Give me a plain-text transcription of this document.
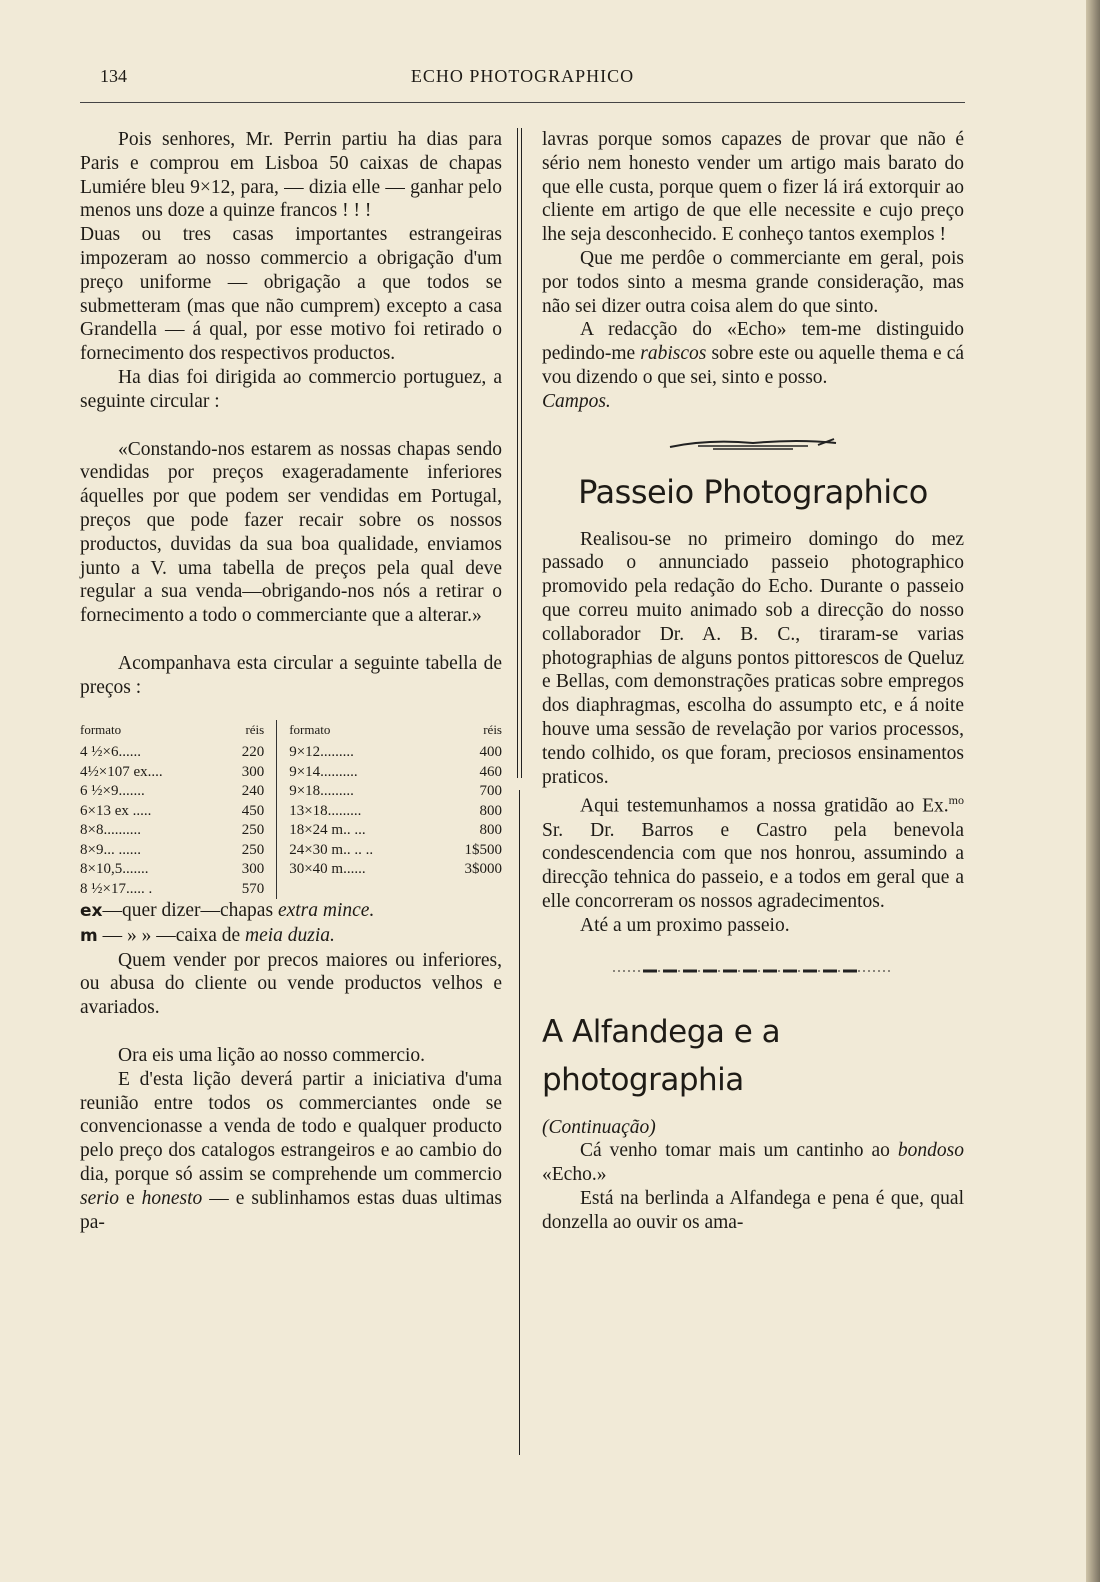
134	ECHO PHOTOGRAPHICO

Pois senhores, Mr. Perrin partiu ha dias para Paris e comprou em Lisboa 50 caixas de chapas Lumiére bleu 9×12, para, — dizia elle — ganhar pelo menos uns doze a quinze francos ! ! !

Duas ou tres casas importantes estrangeiras impozeram ao nosso commercio a obrigação d'um preço uniforme — obrigação a que todos se submetteram (mas que não cumprem) excepto a casa Grandella — á qual, por esse motivo foi retirado o fornecimento dos respectivos productos.

Ha dias foi dirigida ao commercio portuguez, a seguinte circular :

«Constando-nos estarem as nossas chapas sendo vendidas por preços exageradamente inferiores áquelles por que podem ser vendidas em Portugal, preços que pode fazer recair sobre os nossos productos, duvidas da sua boa qualidade, enviamos junto a V. uma tabella de preços pela qual deve regular a sua venda—obrigando-nos nós a retirar o fornecimento a todo o commerciante que a alterar.»

Acompanhava esta circular a seguinte tabella de preços :

formato	réis				formato	réis
4 ½×6......	220			9×12.........	400
4½×107 ex....	300			9×14..........	460
6 ½×9.......	240			9×18.........	700
6×13 ex .....	450			13×18.........	800
8×8..........	250			18×24 m.. ...	800
8×9... ......	250			24×30 m.. .. ..	1$500
8×10,5.......	300			30×40 m......	3$000
8 ½×17..... .	570				

ex—quer dizer—chapas extra mince.

m — » » —caixa de meia duzia.

Quem vender por precos maiores ou inferiores, ou abusa do cliente ou vende productos velhos e avariados.

Ora eis uma lição ao nosso commercio.

E d'esta lição deverá partir a iniciativa d'uma reunião entre todos os commerciantes onde se convencionasse a venda de todo e qualquer producto pelo preço dos catalogos estrangeiros e ao cambio do dia, porque só assim se comprehende um commercio serio e honesto — e sublinhamos estas duas ultimas pa-

lavras porque somos capazes de provar que não é sério nem honesto vender um artigo mais barato do que elle custa, porque quem o fizer lá irá extorquir ao cliente em artigo de que elle necessite e cujo preço lhe seja desconhecido. E conheço tantos exemplos !

Que me perdôe o commerciante em geral, pois por todos sinto a mesma grande consideração, mas não sei dizer outra coisa alem do que sinto.

A redacção do «Echo» tem-me distinguido pedindo-me rabiscos sobre este ou aquelle thema e cá vou dizendo o que sei, sinto e posso.

Campos.

Passeio Photographico

Realisou-se no primeiro domingo do mez passado o annunciado passeio photographico promovido pela redação do Echo. Durante o passeio que correu muito animado sob a direcção do nosso collaborador Dr. A. B. C., tiraram-se varias photographias de alguns pontos pittorescos de Queluz e Bellas, com demonstrações praticas sobre empregos dos diaphragmas, escolha do assumpto etc, e á noite houve uma sessão de revelação por varios processos, tendo colhido, os que foram, preciosos ensinamentos praticos.

Aqui testemunhamos a nossa gratidão ao Ex.$^{mo}$ Sr. Dr. Barros e Castro pela benevola condescendencia com que nos honrou, assumindo a direcção tehnica do passeio, e a todos em geral que a elle concorreram os nossos agradecimentos.

Até a um proximo passeio.

A Alfandega e a photographia

(Continuação)

Cá venho tomar mais um cantinho ao bondoso «Echo.»

Está na berlinda a Alfandega e pena é que, qual donzella ao ouvir os ama-
